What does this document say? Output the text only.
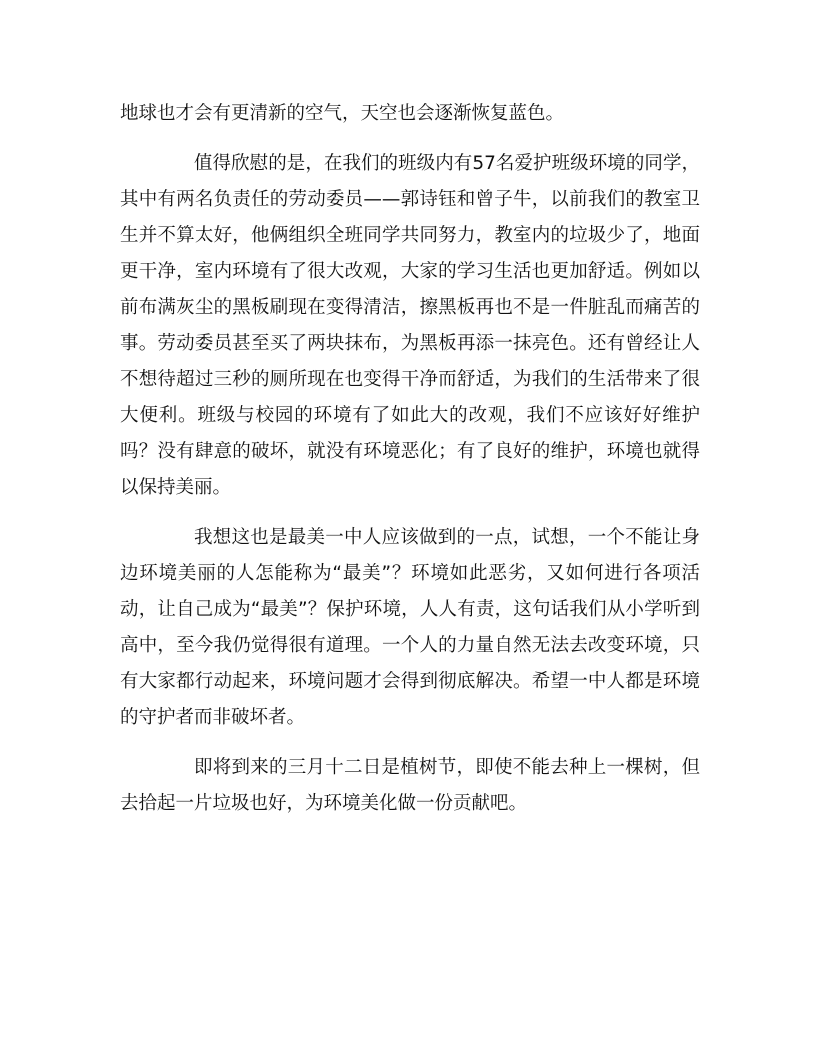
地球也才会有更清新的空气，天空也会逐渐恢复蓝色。

值得欣慰的是，在我们的班级内有57名爱护班级环境的同学，其中有两名负责任的劳动委员——郭诗钰和曾子牛，以前我们的教室卫生并不算太好，他俩组织全班同学共同努力，教室内的垃圾少了，地面更干净，室内环境有了很大改观，大家的学习生活也更加舒适。例如以前布满灰尘的黑板刷现在变得清洁，擦黑板再也不是一件脏乱而痛苦的事。劳动委员甚至买了两块抹布，为黑板再添一抹亮色。还有曾经让人不想待超过三秒的厕所现在也变得干净而舒适，为我们的生活带来了很大便利。班级与校园的环境有了如此大的改观，我们不应该好好维护吗？没有肆意的破坏，就没有环境恶化；有了良好的维护，环境也就得以保持美丽。

我想这也是最美一中人应该做到的一点，试想，一个不能让身边环境美丽的人怎能称为“最美”？环境如此恶劣，又如何进行各项活动，让自己成为“最美”？保护环境，人人有责，这句话我们从小学听到高中，至今我仍觉得很有道理。一个人的力量自然无法去改变环境，只有大家都行动起来，环境问题才会得到彻底解决。希望一中人都是环境的守护者而非破坏者。

即将到来的三月十二日是植树节，即使不能去种上一棵树，但去拾起一片垃圾也好，为环境美化做一份贡献吧。
